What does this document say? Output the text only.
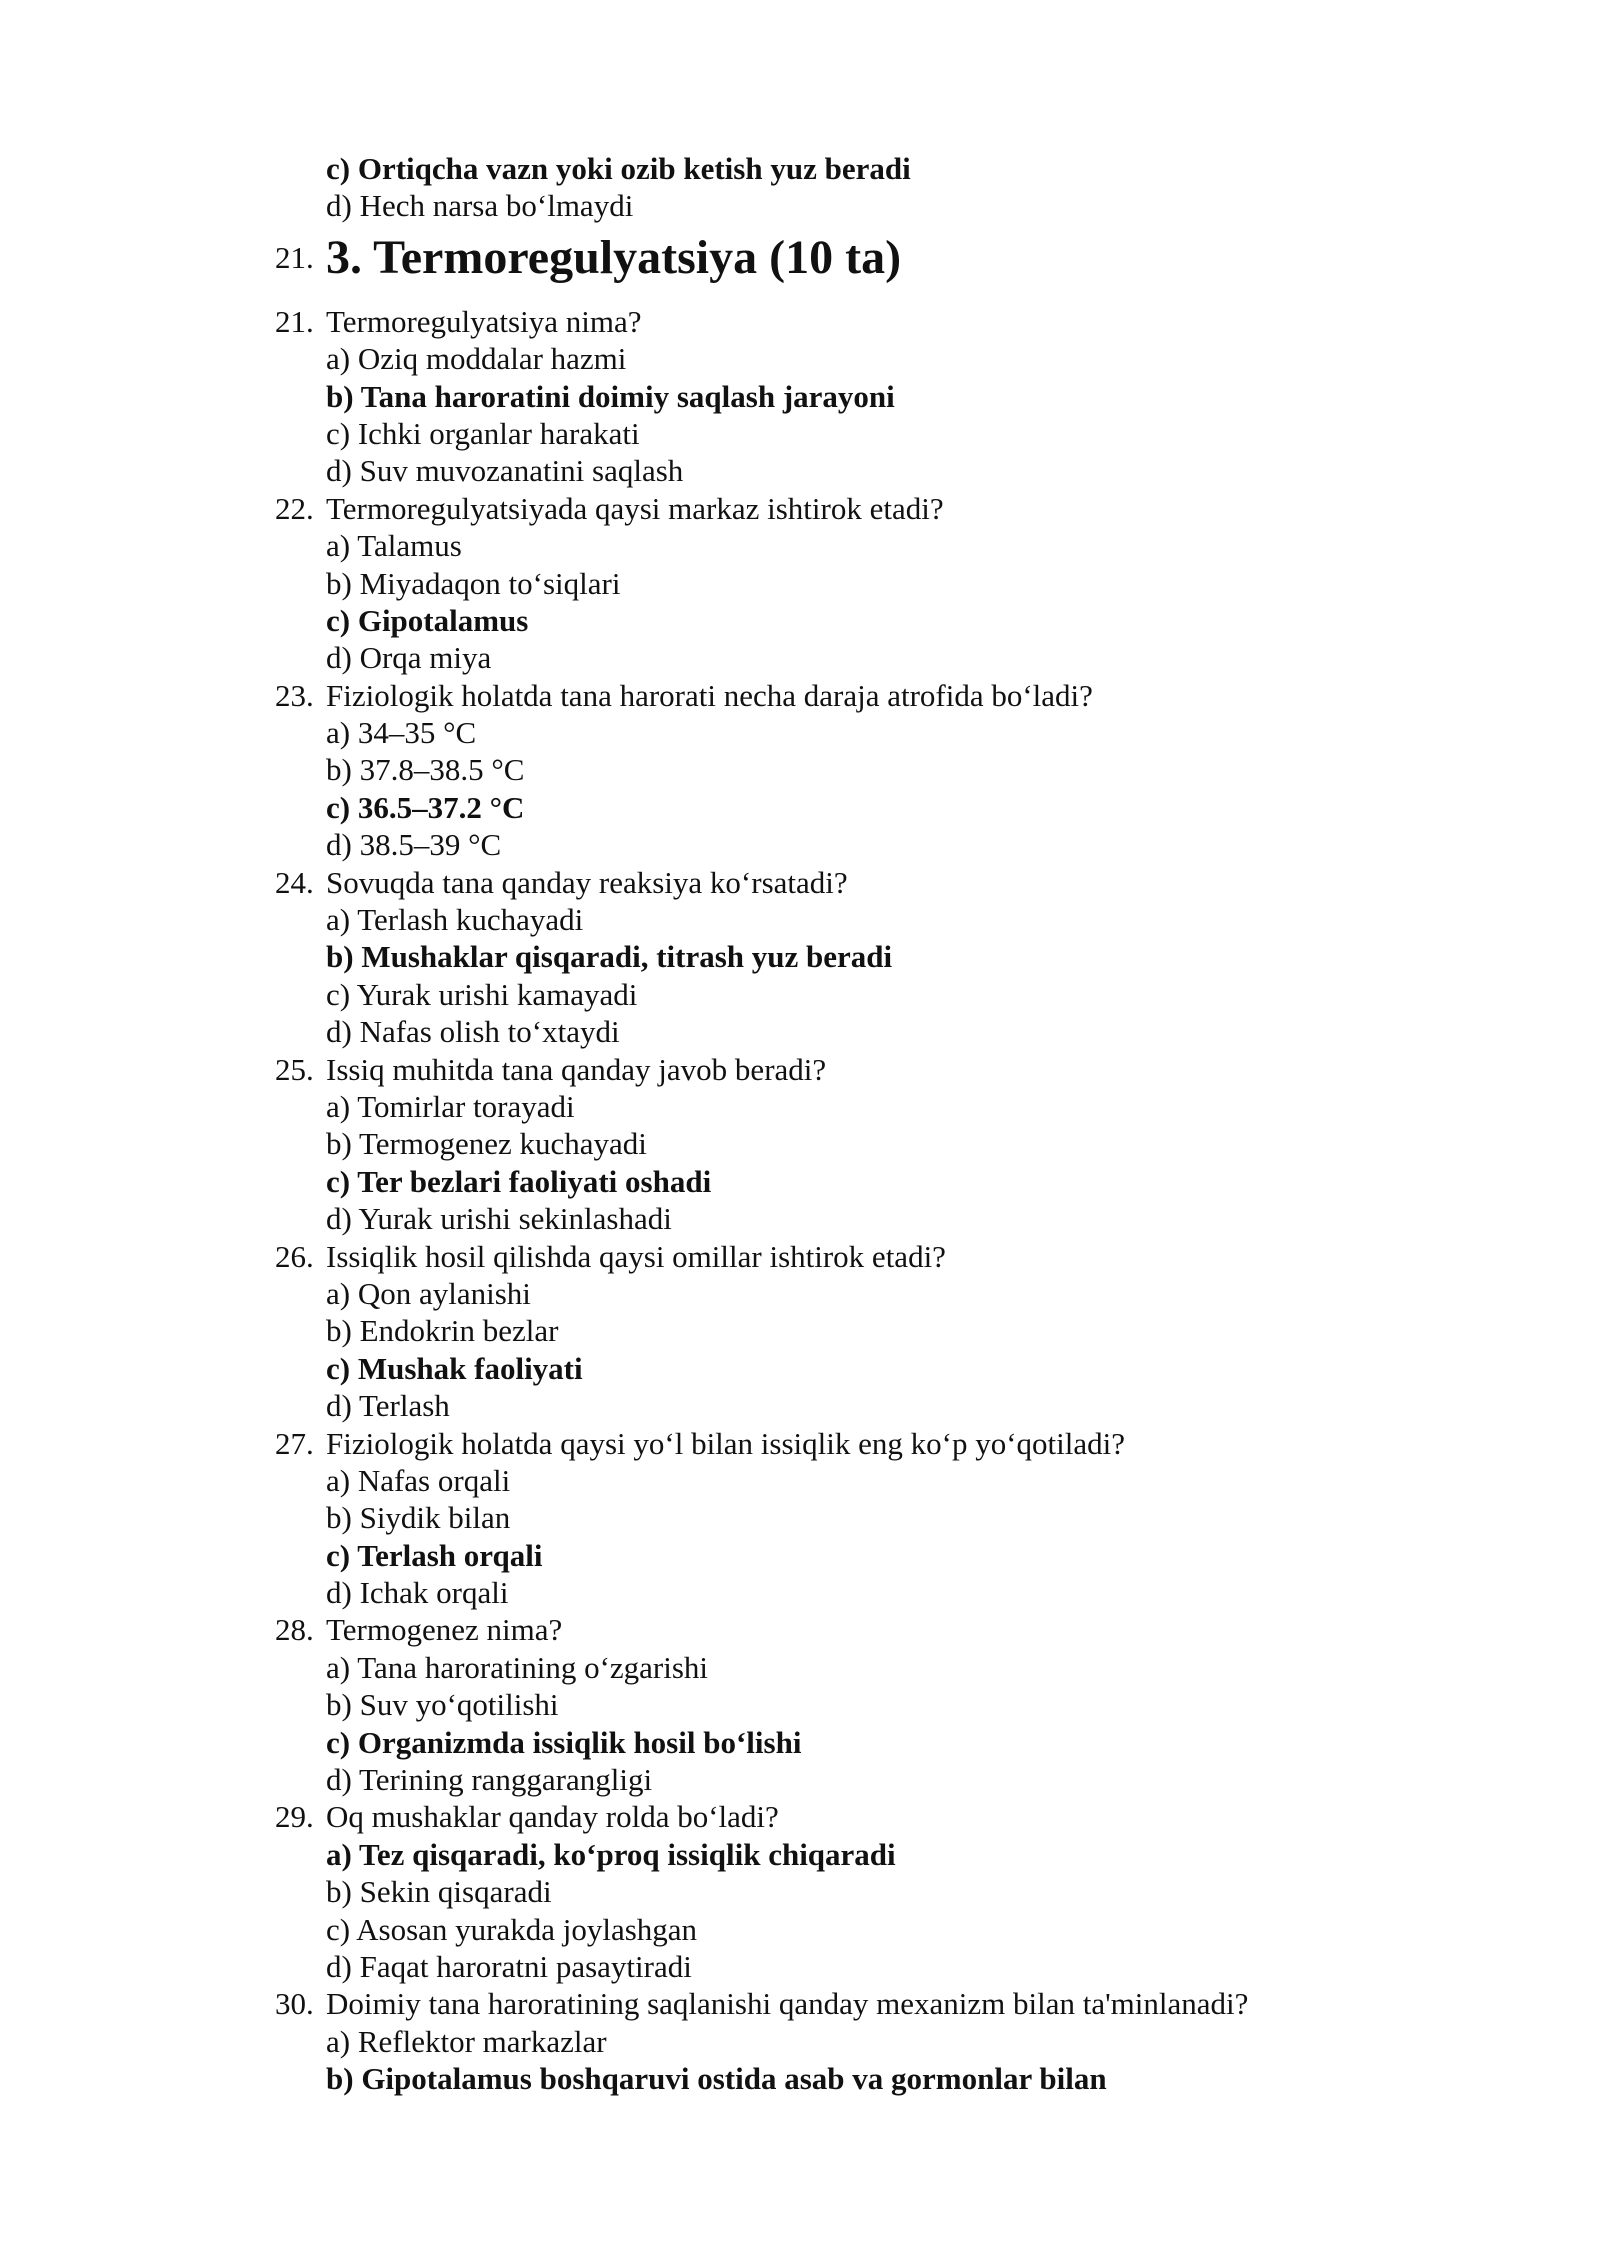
c) Ortiqcha vazn yoki ozib ketish yuz beradi
d) Hech narsa bo‘lmaydi
21. 3. Termoregulyatsiya (10 ta)
21. Termoregulyatsiya nima?
a) Oziq moddalar hazmi
b) Tana haroratini doimiy saqlash jarayoni
c) Ichki organlar harakati
d) Suv muvozanatini saqlash
22. Termoregulyatsiyada qaysi markaz ishtirok etadi?
a) Talamus
b) Miyadaqon to‘siqlari
c) Gipotalamus
d) Orqa miya
23. Fiziologik holatda tana harorati necha daraja atrofida bo‘ladi?
a) 34–35 °C
b) 37.8–38.5 °C
c) 36.5–37.2 °C
d) 38.5–39 °C
24. Sovuqda tana qanday reaksiya ko‘rsatadi?
a) Terlash kuchayadi
b) Mushaklar qisqaradi, titrash yuz beradi
c) Yurak urishi kamayadi
d) Nafas olish to‘xtaydi
25. Issiq muhitda tana qanday javob beradi?
a) Tomirlar torayadi
b) Termogenez kuchayadi
c) Ter bezlari faoliyati oshadi
d) Yurak urishi sekinlashadi
26. Issiqlik hosil qilishda qaysi omillar ishtirok etadi?
a) Qon aylanishi
b) Endokrin bezlar
c) Mushak faoliyati
d) Terlash
27. Fiziologik holatda qaysi yo‘l bilan issiqlik eng ko‘p yo‘qotiladi?
a) Nafas orqali
b) Siydik bilan
c) Terlash orqali
d) Ichak orqali
28. Termogenez nima?
a) Tana haroratining o‘zgarishi
b) Suv yo‘qotilishi
c) Organizmda issiqlik hosil bo‘lishi
d) Terining ranggarangligi
29. Oq mushaklar qanday rolda bo‘ladi?
a) Tez qisqaradi, ko‘proq issiqlik chiqaradi
b) Sekin qisqaradi
c) Asosan yurakda joylashgan
d) Faqat haroratni pasaytiradi
30. Doimiy tana haroratining saqlanishi qanday mexanizm bilan ta'minlanadi?
a) Reflektor markazlar
b) Gipotalamus boshqaruvi ostida asab va gormonlar bilan
